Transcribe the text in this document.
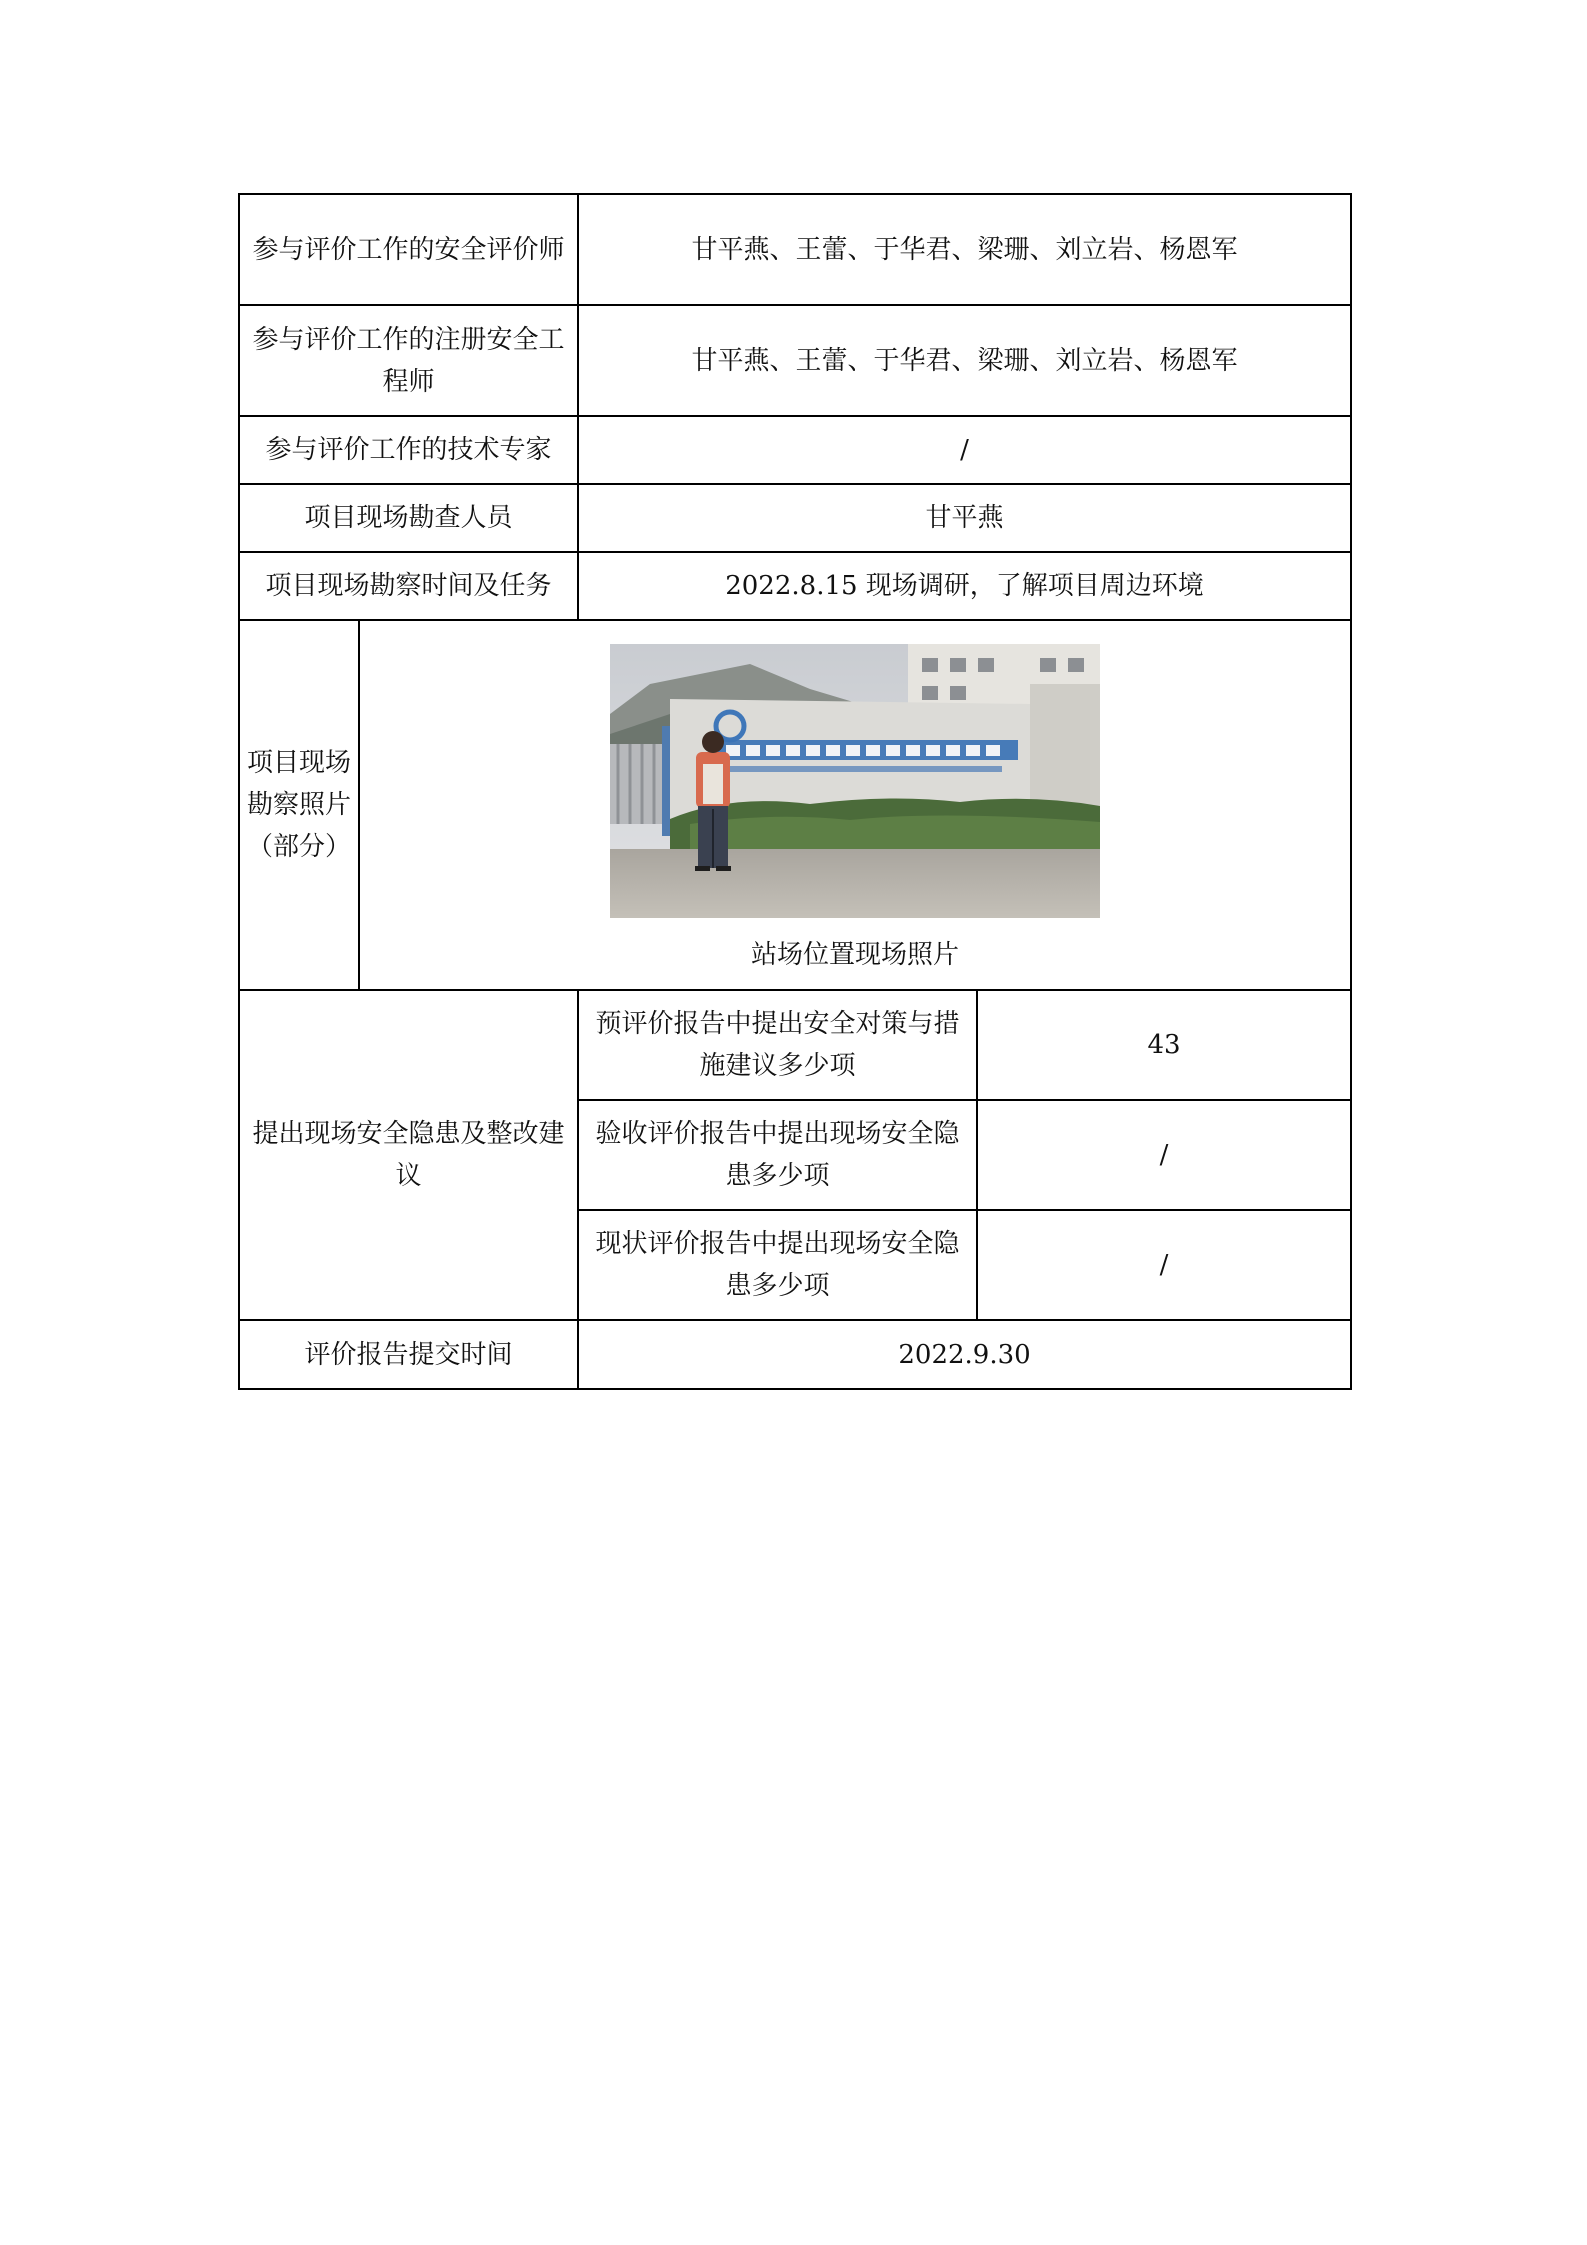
参与评价工作的安全评价师		甘平燕、王蕾、于华君、梁珊、刘立岩、杨恩军	
参与评价工作的注册安全工程师		甘平燕、王蕾、于华君、梁珊、刘立岩、杨恩军	
参与评价工作的技术专家		/	
项目现场勘查人员		甘平燕	
项目现场勘察时间及任务		2022.8.15 现场调研，了解项目周边环境	
项目现场勘察照片（部分）	站场位置现场照片		

提出现场安全隐患及整改建议		预评价报告中提出安全对策与措施建议多少项	43
		验收评价报告中提出现场安全隐患多少项	/
		现状评价报告中提出现场安全隐患多少项	/
评价报告提交时间		2022.9.30	
